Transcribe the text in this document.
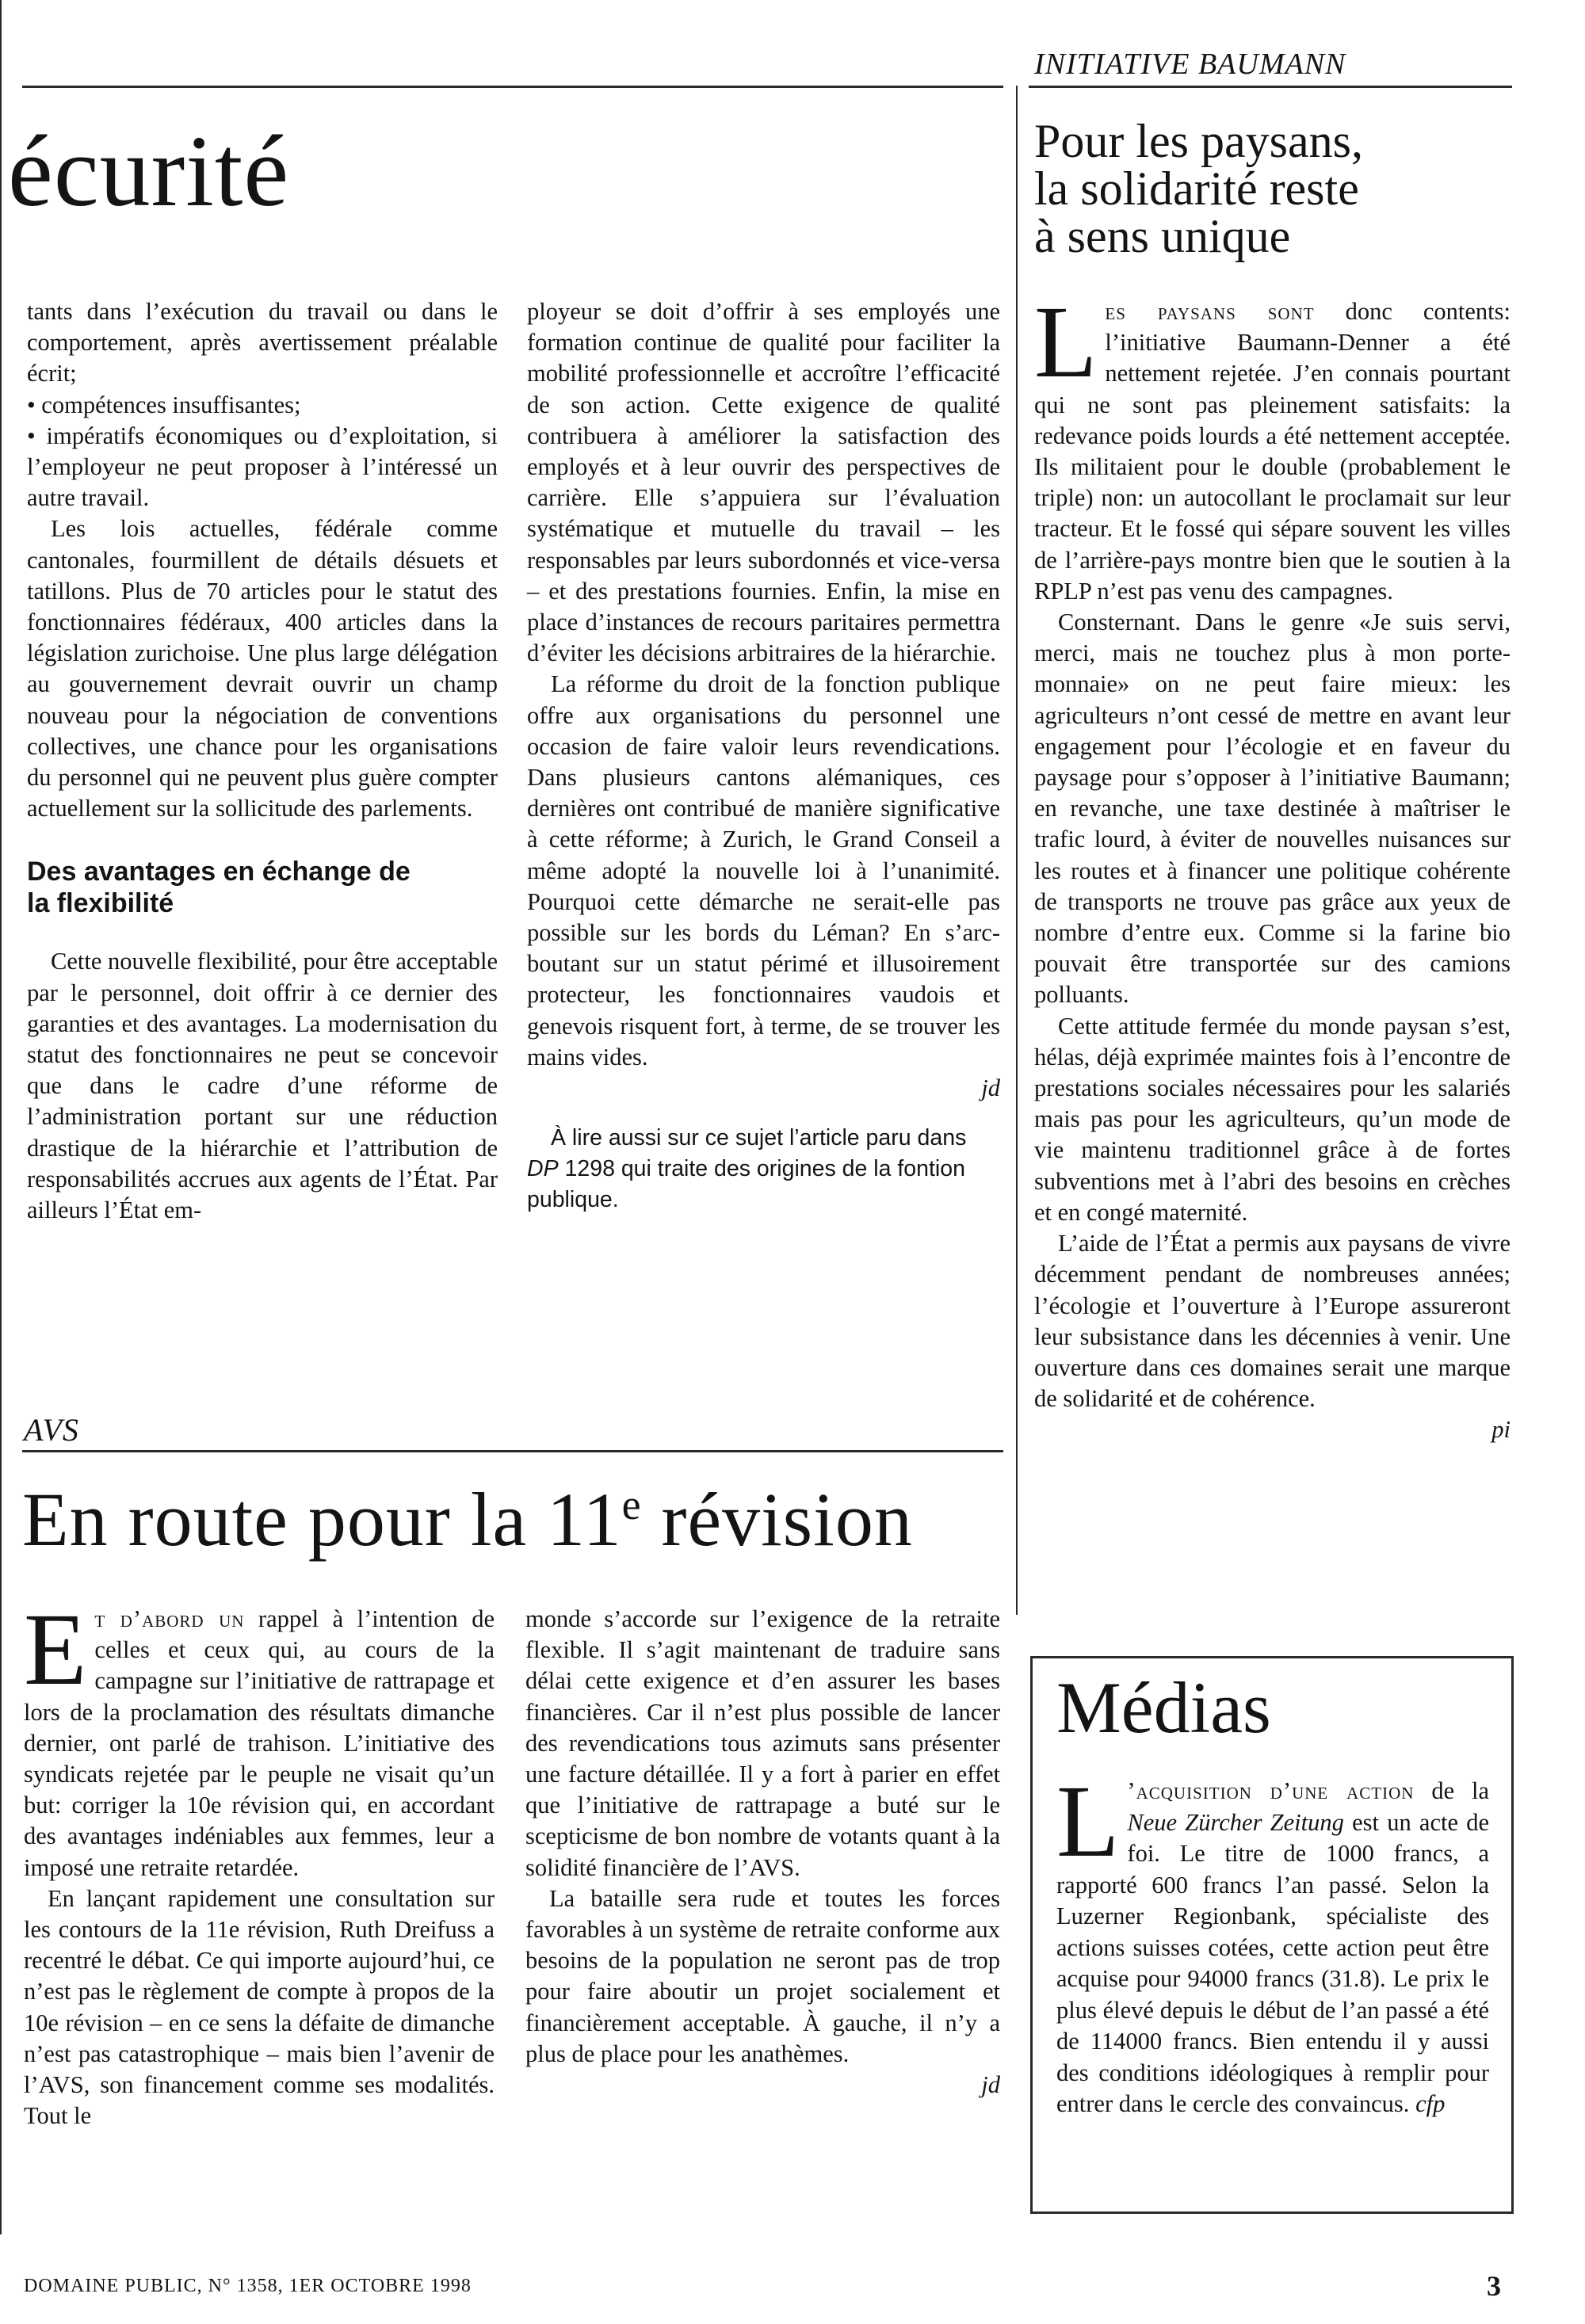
écurité

tants dans l’exécution du travail ou dans le comportement, après avertissement préalable écrit;

• compétences insuffisantes;

• impératifs économiques ou d’exploitation, si l’employeur ne peut proposer à l’intéressé un autre travail.

Les lois actuelles, fédérale comme cantonales, fourmillent de détails désuets et tatillons. Plus de 70 articles pour le statut des fonctionnaires fédéraux, 400 articles dans la législation zurichoise. Une plus large délégation au gouvernement devrait ouvrir un champ nouveau pour la négociation de conventions collectives, une chance pour les organisations du personnel qui ne peuvent plus guère compter actuellement sur la sollicitude des parlements.

Des avantages en échange de la flexibilité

Cette nouvelle flexibilité, pour être acceptable par le personnel, doit offrir à ce dernier des garanties et des avantages. La modernisation du statut des fonctionnaires ne peut se concevoir que dans le cadre d’une réforme de l’administration portant sur une réduction drastique de la hiérarchie et l’attribution de responsabilités accrues aux agents de l’État. Par ailleurs l’État em-

ployeur se doit d’offrir à ses employés une formation continue de qualité pour faciliter la mobilité professionnelle et accroître l’efficacité de son action. Cette exigence de qualité contribuera à améliorer la satisfaction des employés et à leur ouvrir des perspectives de carrière. Elle s’appuiera sur l’évaluation systématique et mutuelle du travail – les responsables par leurs subordonnés et vice-versa – et des prestations fournies. Enfin, la mise en place d’instances de recours paritaires permettra d’éviter les décisions arbitraires de la hiérarchie.

La réforme du droit de la fonction publique offre aux organisations du personnel une occasion de faire valoir leurs revendications. Dans plusieurs cantons alémaniques, ces dernières ont contribué de manière significative à cette réforme; à Zurich, le Grand Conseil a même adopté la nouvelle loi à l’unanimité. Pourquoi cette démarche ne serait-elle pas possible sur les bords du Léman? En s’arc-boutant sur un statut périmé et illusoirement protecteur, les fonctionnaires vaudois et genevois risquent fort, à terme, de se trouver les mains vides.

jd

À lire aussi sur ce sujet l’article paru dans DP 1298 qui traite des origines de la fontion publique.

AVS
En route pour la 11e révision

Et d’abord un rappel à l’intention de celles et ceux qui, au cours de la campagne sur l’initiative de rattrapage et lors de la proclamation des résultats dimanche dernier, ont parlé de trahison. L’initiative des syndicats rejetée par le peuple ne visait qu’un but: corriger la 10e révision qui, en accordant des avantages indéniables aux femmes, leur a imposé une retraite retardée.

En lançant rapidement une consultation sur les contours de la 11e révision, Ruth Dreifuss a recentré le débat. Ce qui importe aujourd’hui, ce n’est pas le règlement de compte à propos de la 10e révision – en ce sens la défaite de dimanche n’est pas catastrophique – mais bien l’avenir de l’AVS, son financement comme ses modalités. Tout le

monde s’accorde sur l’exigence de la retraite flexible. Il s’agit maintenant de traduire sans délai cette exigence et d’en assurer les bases financières. Car il n’est plus possible de lancer des revendications tous azimuts sans présenter une facture détaillée. Il y a fort à parier en effet que l’initiative de rattrapage a buté sur le scepticisme de bon nombre de votants quant à la solidité financière de l’AVS.

La bataille sera rude et toutes les forces favorables à un système de retraite conforme aux besoins de la population ne seront pas de trop pour faire aboutir un projet socialement et financièrement acceptable. À gauche, il n’y a plus de place pour les anathèmes.

jd

INITIATIVE BAUMANN
Pour les paysans,
la solidarité reste
à sens unique

Les paysans sont donc contents: l’initiative Baumann-Denner a été nettement rejetée. J’en connais pourtant qui ne sont pas pleinement satisfaits: la redevance poids lourds a été nettement acceptée. Ils militaient pour le double (probablement le triple) non: un autocollant le proclamait sur leur tracteur. Et le fossé qui sépare souvent les villes de l’arrière-pays montre bien que le soutien à la RPLP n’est pas venu des campagnes.

Consternant. Dans le genre «Je suis servi, merci, mais ne touchez plus à mon porte-monnaie» on ne peut faire mieux: les agriculteurs n’ont cessé de mettre en avant leur engagement pour l’écologie et en faveur du paysage pour s’opposer à l’initiative Baumann; en revanche, une taxe destinée à maîtriser le trafic lourd, à éviter de nouvelles nuisances sur les routes et à financer une politique cohérente de transports ne trouve pas grâce aux yeux de nombre d’entre eux. Comme si la farine bio pouvait être transportée sur des camions polluants.

Cette attitude fermée du monde paysan s’est, hélas, déjà exprimée maintes fois à l’encontre de prestations sociales nécessaires pour les salariés mais pas pour les agriculteurs, qu’un mode de vie maintenu traditionnel grâce à de fortes subventions met à l’abri des besoins en crèches et en congé maternité.

L’aide de l’État a permis aux paysans de vivre décemment pendant de nombreuses années; l’écologie et l’ouverture à l’Europe assureront leur subsistance dans les décennies à venir. Une ouverture dans ces domaines serait une marque de solidarité et de cohérence.

pi

Médias

L ’acquisition d’une action de la Neue Zürcher Zeitung est un acte de foi. Le titre de 1000 francs, a rapporté 600 francs l’an passé. Selon la Luzerner Regionbank, spécialiste des actions suisses cotées, cette action peut être acquise pour 94000 francs (31.8). Le prix le plus élevé depuis le début de l’an passé a été de 114000 francs. Bien entendu il y aussi des conditions idéologiques à remplir pour entrer dans le cercle des convaincus. cfp

DOMAINE PUBLIC, N° 1358, 1ER OCTOBRE 1998	3
